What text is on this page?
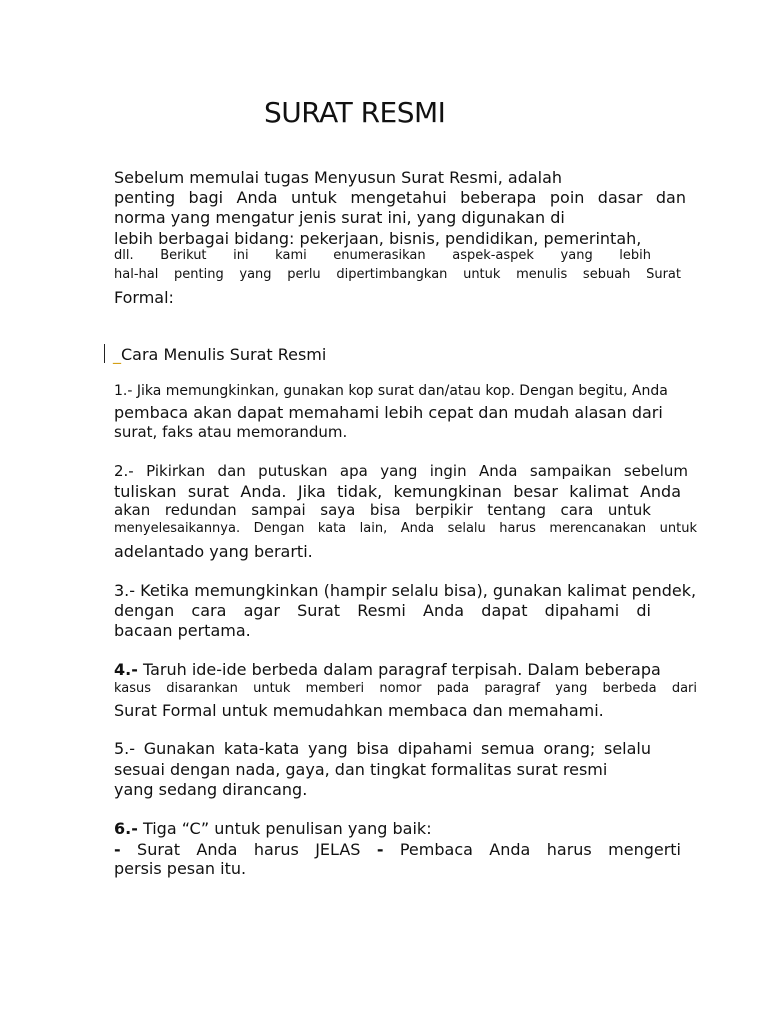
SURAT RESMI

Sebelum memulai tugas Menyusun Surat Resmi, adalah

penting bagi Anda untuk mengetahui beberapa poin dasar dan

norma yang mengatur jenis surat ini, yang digunakan di

lebih berbagai bidang: pekerjaan, bisnis, pendidikan, pemerintah,

dll. Berikut ini kami enumerasikan aspek-aspek yang lebih

hal-hal penting yang perlu dipertimbangkan untuk menulis sebuah Surat

Formal:

_Cara Menulis Surat Resmi

1.- Jika memungkinkan, gunakan kop surat dan/atau kop. Dengan begitu, Anda

pembaca akan dapat memahami lebih cepat dan mudah alasan dari

surat, faks atau memorandum.

2.- Pikirkan dan putuskan apa yang ingin Anda sampaikan sebelum

tuliskan surat Anda. Jika tidak, kemungkinan besar kalimat Anda

akan redundan sampai saya bisa berpikir tentang cara untuk

menyelesaikannya. Dengan kata lain, Anda selalu harus merencanakan untuk

adelantado yang berarti.

3.- Ketika memungkinkan (hampir selalu bisa), gunakan kalimat pendek,

dengan cara agar Surat Resmi Anda dapat dipahami di

bacaan pertama.

4.- Taruh ide-ide berbeda dalam paragraf terpisah. Dalam beberapa

kasus disarankan untuk memberi nomor pada paragraf yang berbeda dari

Surat Formal untuk memudahkan membaca dan memahami.

5.- Gunakan kata-kata yang bisa dipahami semua orang; selalu

sesuai dengan nada, gaya, dan tingkat formalitas surat resmi

yang sedang dirancang.

6.- Tiga “C” untuk penulisan yang baik:

- Surat Anda harus JELAS - Pembaca Anda harus mengerti

persis pesan itu.
